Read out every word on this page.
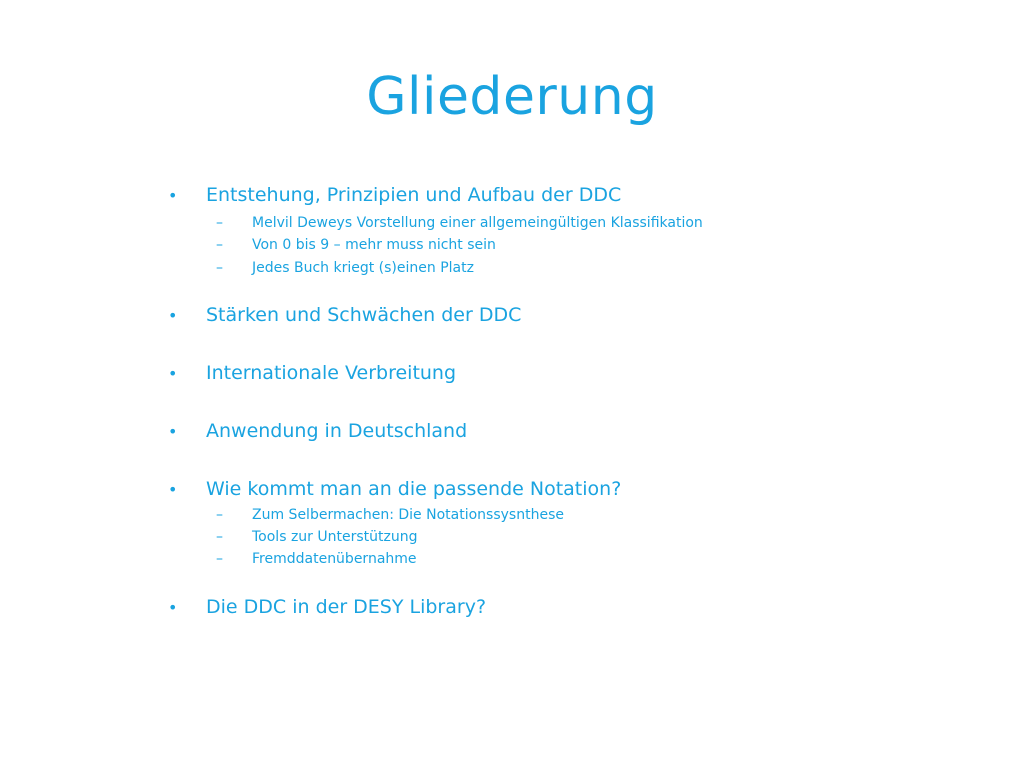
Gliederung
• Entstehung, Prinzipien und Aufbau der DDC
– Melvil Deweys Vorstellung einer allgemeingültigen Klassifikation
– Von 0 bis 9 – mehr muss nicht sein
– Jedes Buch kriegt (s)einen Platz
• Stärken und Schwächen der DDC
• Internationale Verbreitung
• Anwendung in Deutschland
• Wie kommt man an die passende Notation?
– Zum Selbermachen: Die Notationssysnthese
– Tools zur Unterstützung
– Fremddatenübernahme
• Die DDC in der DESY Library?
